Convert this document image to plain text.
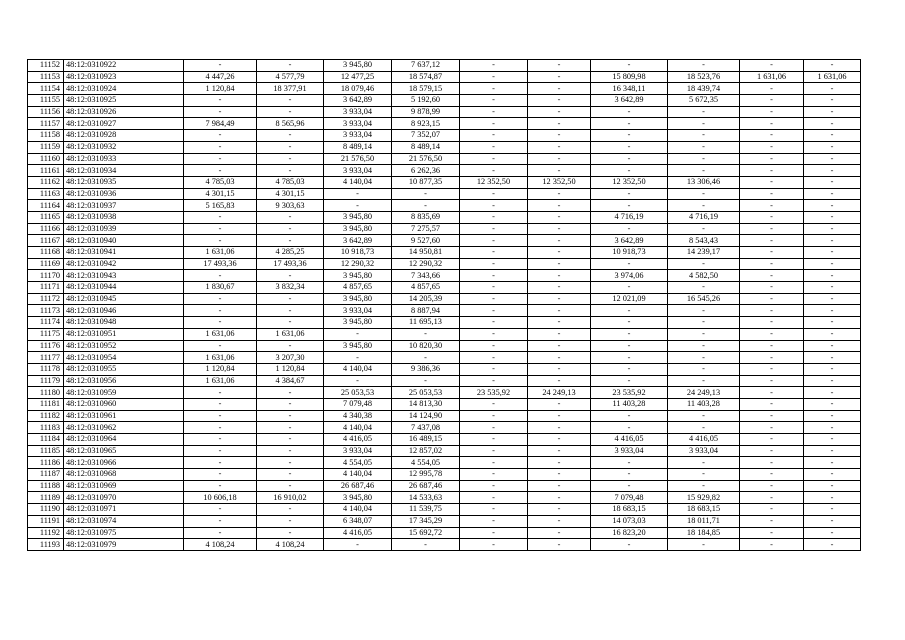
11152	48:12:0310922	-	-	3 945,80	7 637,12	-	-	-	-	-	-
11153	48:12:0310923	4 447,26	4 577,79	12 477,25	18 574,87	-	-	15 809,98	18 523,76	1 631,06	1 631,06
11154	48:12:0310924	1 120,84	18 377,91	18 079,46	18 579,15	-	-	16 348,11	18 439,74	-	-
11155	48:12:0310925	-	-	3 642,89	5 192,60	-	-	3 642,89	5 672,35	-	-
11156	48:12:0310926	-	-	3 933,04	9 878,99	-	-	-	-	-	-
11157	48:12:0310927	7 984,49	8 565,96	3 933,04	8 923,15	-	-	-	-	-	-
11158	48:12:0310928	-	-	3 933,04	7 352,07	-	-	-	-	-	-
11159	48:12:0310932	-	-	8 489,14	8 489,14	-	-	-	-	-	-
11160	48:12:0310933	-	-	21 576,50	21 576,50	-	-	-	-	-	-
11161	48:12:0310934	-	-	3 933,04	6 262,36	-	-	-	-	-	-
11162	48:12:0310935	4 785,03	4 785,03	4 140,04	10 877,35	12 352,50	12 352,50	12 352,50	13 306,46	-	-
11163	48:12:0310936	4 301,15	4 301,15	-	-	-	-	-	-	-	-
11164	48:12:0310937	5 165,83	9 303,63	-	-	-	-	-	-	-	-
11165	48:12:0310938	-	-	3 945,80	8 835,69	-	-	4 716,19	4 716,19	-	-
11166	48:12:0310939	-	-	3 945,80	7 275,57	-	-	-	-	-	-
11167	48:12:0310940	-	-	3 642,89	9 527,60	-	-	3 642,89	8 543,43	-	-
11168	48:12:0310941	1 631,06	4 285,25	10 918,73	14 950,81	-	-	10 918,73	14 239,17	-	-
11169	48:12:0310942	17 493,36	17 493,36	12 290,32	12 290,32	-	-	-	-	-	-
11170	48:12:0310943	-	-	3 945,80	7 343,66	-	-	3 974,06	4 582,50	-	-
11171	48:12:0310944	1 830,67	3 832,34	4 857,65	4 857,65	-	-	-	-	-	-
11172	48:12:0310945	-	-	3 945,80	14 205,39	-	-	12 021,09	16 545,26	-	-
11173	48:12:0310946	-	-	3 933,04	8 887,94	-	-	-	-	-	-
11174	48:12:0310948	-	-	3 945,80	11 695,13	-	-	-	-	-	-
11175	48:12:0310951	1 631,06	1 631,06	-	-	-	-	-	-	-	-
11176	48:12:0310952	-	-	3 945,80	10 820,30	-	-	-	-	-	-
11177	48:12:0310954	1 631,06	3 207,30	-	-	-	-	-	-	-	-
11178	48:12:0310955	1 120,84	1 120,84	4 140,04	9 386,36	-	-	-	-	-	-
11179	48:12:0310956	1 631,06	4 384,67	-	-	-	-	-	-	-	-
11180	48:12:0310959	-	-	25 053,53	25 053,53	23 535,92	24 249,13	23 535,92	24 249,13	-	-
11181	48:12:0310960	-	-	7 079,48	14 813,30	-	-	11 403,28	11 403,28	-	-
11182	48:12:0310961	-	-	4 340,38	14 124,90	-	-	-	-	-	-
11183	48:12:0310962	-	-	4 140,04	7 437,08	-	-	-	-	-	-
11184	48:12:0310964	-	-	4 416,05	16 489,15	-	-	4 416,05	4 416,05	-	-
11185	48:12:0310965	-	-	3 933,04	12 857,02	-	-	3 933,04	3 933,04	-	-
11186	48:12:0310966	-	-	4 554,05	4 554,05	-	-	-	-	-	-
11187	48:12:0310968	-	-	4 140,04	12 995,78	-	-	-	-	-	-
11188	48:12:0310969	-	-	26 687,46	26 687,46	-	-	-	-	-	-
11189	48:12:0310970	10 606,18	16 910,02	3 945,80	14 533,63	-	-	7 079,48	15 929,82	-	-
11190	48:12:0310971	-	-	4 140,04	11 539,75	-	-	18 683,15	18 683,15	-	-
11191	48:12:0310974	-	-	6 348,07	17 345,29	-	-	14 073,03	18 011,71	-	-
11192	48:12:0310975	-	-	4 416,05	15 692,72	-	-	16 823,20	18 184,85	-	-
11193	48:12:0310979	4 108,24	4 108,24	-	-	-	-	-	-	-	-
